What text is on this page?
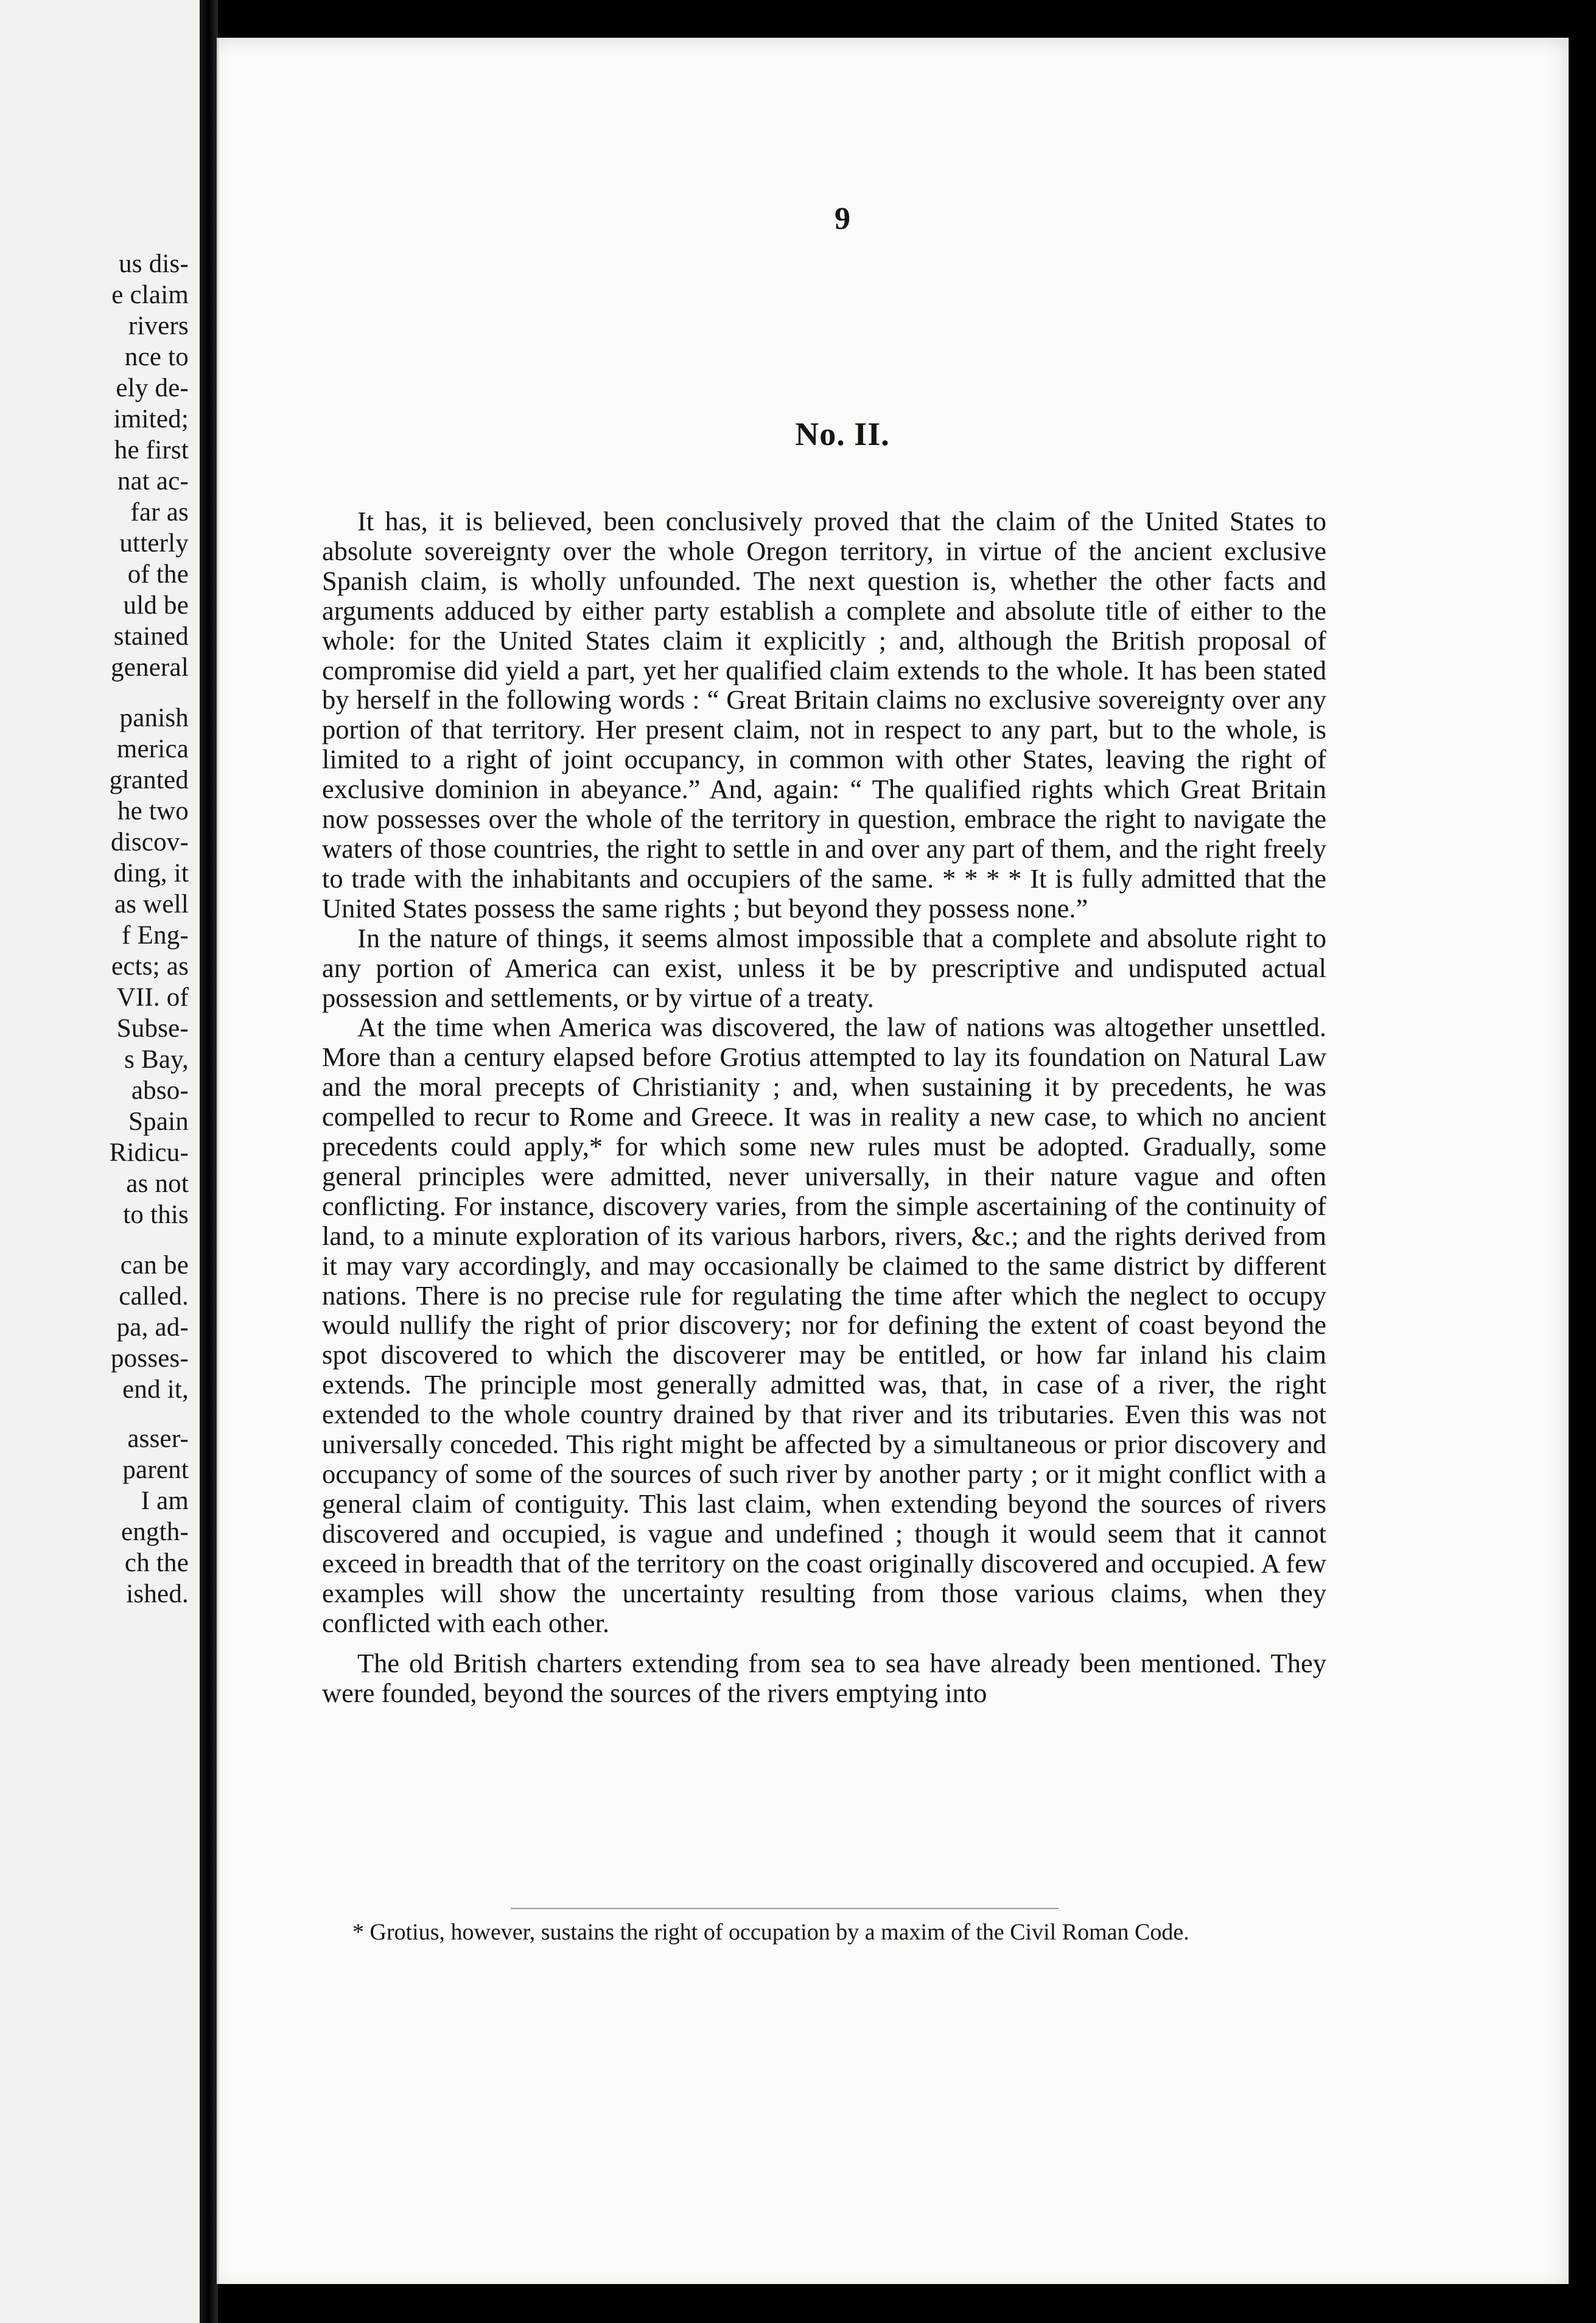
us dis-

e claim

rivers

nce to

ely de-

imited;

he first

nat ac-

far as

utterly

of the

uld be

stained

general

panish

merica

granted

he two

discov-

ding, it

as well

f Eng-

ects; as

VII. of

Subse-

s Bay,

abso-

Spain

Ridicu-

as not

to this

can be

called.

pa, ad-

posses-

end it,

asser-

parent

I am

ength-

ch the

ished.

9
No. II.

It has, it is believed, been conclusively proved that the claim of the United States to absolute sovereignty over the whole Oregon territory, in virtue of the ancient exclusive Spanish claim, is wholly unfounded. The next question is, whether the other facts and arguments adduced by either party establish a complete and absolute title of either to the whole: for the United States claim it explicitly ; and, although the British proposal of compromise did yield a part, yet her qualified claim extends to the whole. It has been stated by herself in the following words : “ Great Britain claims no exclusive sovereignty over any portion of that territory. Her present claim, not in respect to any part, but to the whole, is limited to a right of joint occupancy, in common with other States, leaving the right of exclusive dominion in abeyance.” And, again: “ The qualified rights which Great Britain now possesses over the whole of the territory in question, embrace the right to navigate the waters of those countries, the right to settle in and over any part of them, and the right freely to trade with the inhabitants and occupiers of the same. * * * * It is fully admitted that the United States possess the same rights ; but beyond they possess none.”

In the nature of things, it seems almost impossible that a complete and absolute right to any portion of America can exist, unless it be by prescriptive and undisputed actual possession and settlements, or by virtue of a treaty.

At the time when America was discovered, the law of nations was altogether unsettled. More than a century elapsed before Grotius attempted to lay its foundation on Natural Law and the moral precepts of Christianity ; and, when sustaining it by precedents, he was compelled to recur to Rome and Greece. It was in reality a new case, to which no ancient precedents could apply,* for which some new rules must be adopted. Gradually, some general principles were admitted, never universally, in their nature vague and often conflicting. For instance, discovery varies, from the simple ascertaining of the continuity of land, to a minute exploration of its various harbors, rivers, &c.; and the rights derived from it may vary accordingly, and may occasionally be claimed to the same district by different nations. There is no precise rule for regulating the time after which the neglect to occupy would nullify the right of prior discovery; nor for defining the extent of coast beyond the spot discovered to which the discoverer may be entitled, or how far inland his claim extends. The principle most generally admitted was, that, in case of a river, the right extended to the whole country drained by that river and its tributaries. Even this was not universally conceded. This right might be affected by a simultaneous or prior discovery and occupancy of some of the sources of such river by another party ; or it might conflict with a general claim of contiguity. This last claim, when extending beyond the sources of rivers discovered and occupied, is vague and undefined ; though it would seem that it cannot exceed in breadth that of the territory on the coast originally discovered and occupied. A few examples will show the uncertainty resulting from those various claims, when they conflicted with each other.

The old British charters extending from sea to sea have already been mentioned. They were founded, beyond the sources of the rivers emptying into

* Grotius, however, sustains the right of occupation by a maxim of the Civil Roman Code.
